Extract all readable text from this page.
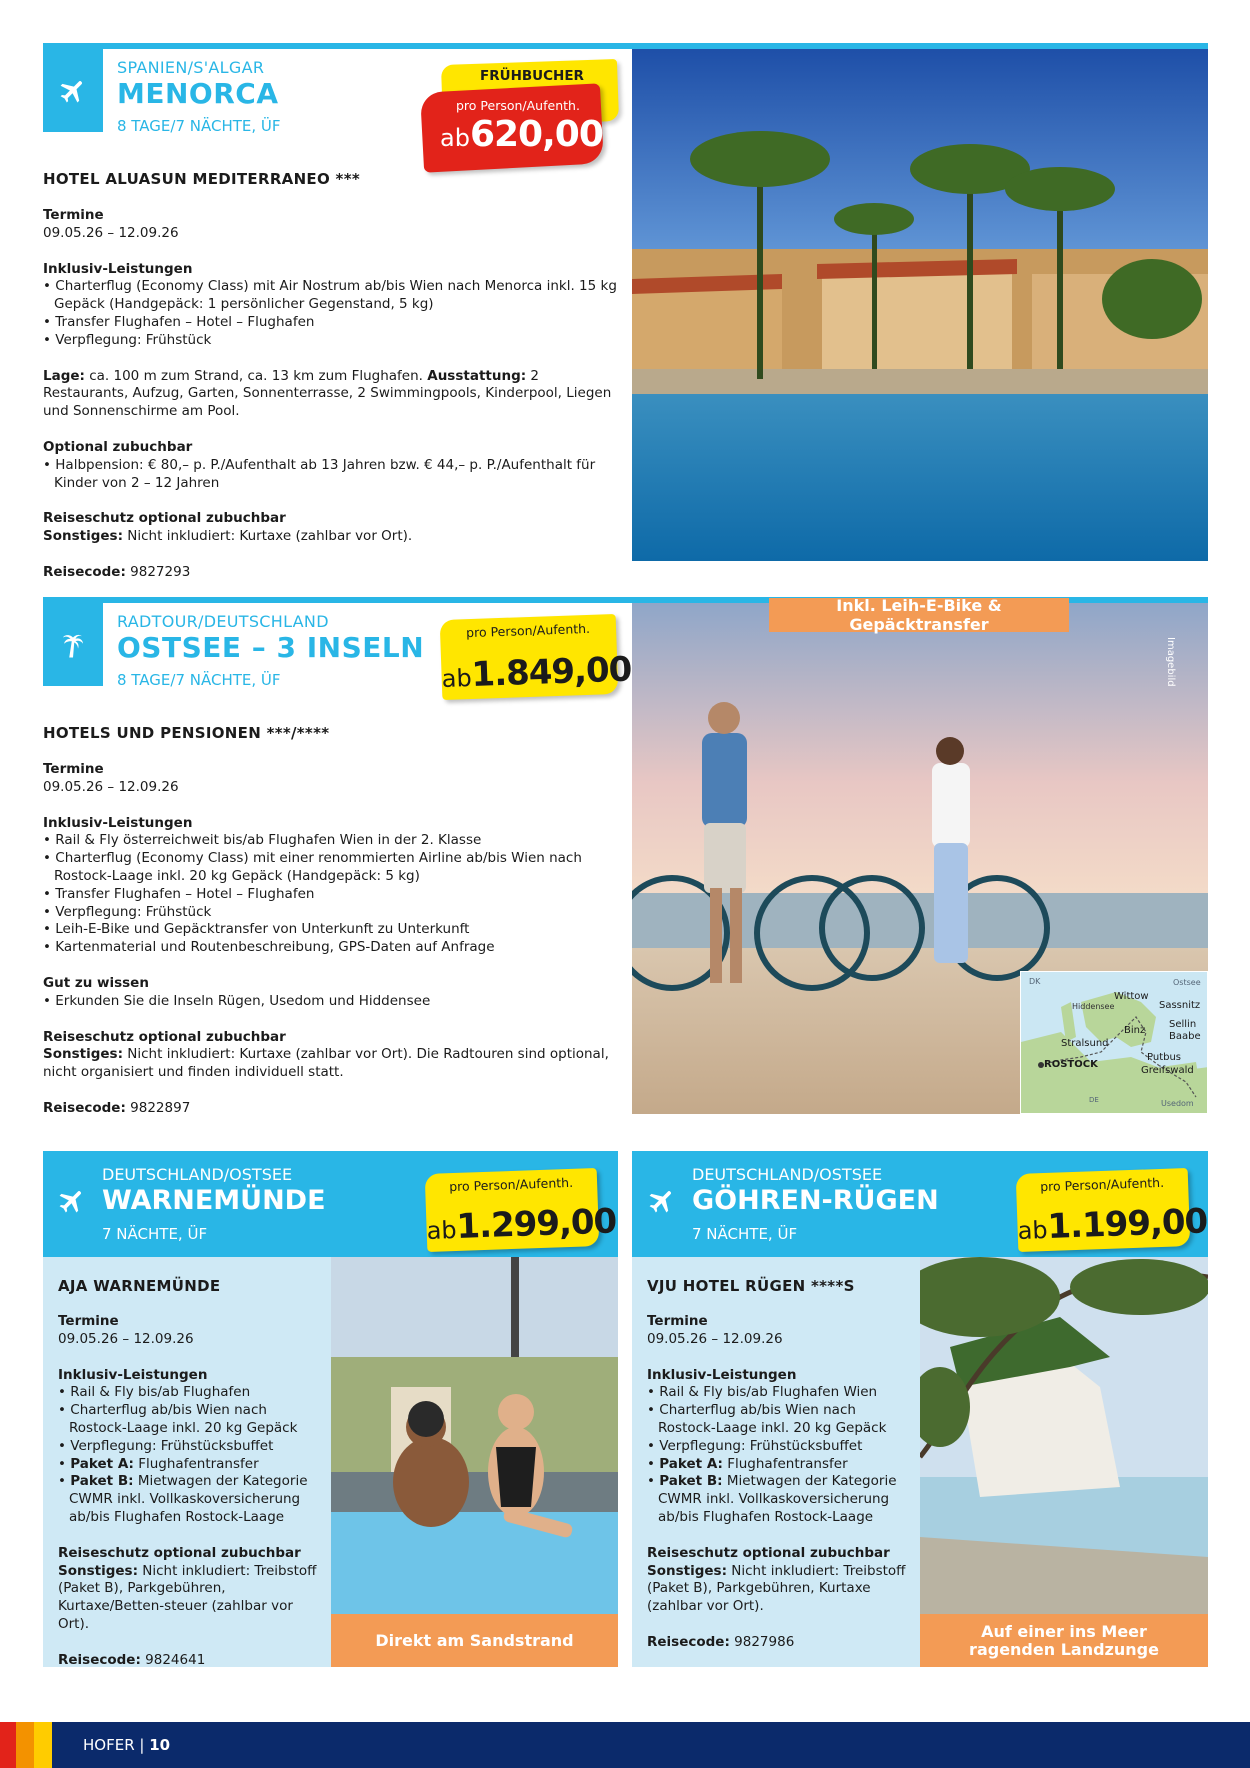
SPANIEN/S'ALGAR
MENORCA
8 TAGE/7 NÄCHTE, ÜF
FRÜHBUCHER
pro Person/Aufenth.
ab620,00
HOTEL ALUASUN MEDITERRANEO ***
Termine
09.05.26 – 12.09.26
Inklusiv-Leistungen
• Charterflug (Economy Class) mit Air Nostrum ab/bis Wien nach Menorca inkl. 15 kg Gepäck (Handgepäck: 1 persönlicher Gegenstand, 5 kg)
• Transfer Flughafen – Hotel – Flughafen
• Verpflegung: Frühstück
Lage: ca. 100 m zum Strand, ca. 13 km zum Flughafen. Ausstattung: 2 Restaurants, Aufzug, Garten, Sonnenterrasse, 2 Swimmingpools, Kinderpool, Liegen und Sonnenschirme am Pool.
Optional zubuchbar
• Halbpension: € 80,– p. P./Aufenthalt ab 13 Jahren bzw. € 44,– p. P./Aufenthalt für Kinder von 2 – 12 Jahren
Reiseschutz optional zubuchbar
Sonstiges: Nicht inkludiert: Kurtaxe (zahlbar vor Ort).
Reisecode: 9827293
RADTOUR/DEUTSCHLAND
OSTSEE – 3 INSELN
8 TAGE/7 NÄCHTE, ÜF
pro Person/Aufenth.
ab1.849,00
HOTELS UND PENSIONEN ***/****
Termine
09.05.26 – 12.09.26
Inklusiv-Leistungen
• Rail & Fly österreichweit bis/ab Flughafen Wien in der 2. Klasse
• Charterflug (Economy Class) mit einer renommierten Airline ab/bis Wien nach Rostock-Laage inkl. 20 kg Gepäck (Handgepäck: 5 kg)
• Transfer Flughafen – Hotel – Flughafen
• Verpflegung: Frühstück
• Leih-E-Bike und Gepäcktransfer von Unterkunft zu Unterkunft
• Kartenmaterial und Routenbeschreibung, GPS-Daten auf Anfrage
Gut zu wissen
• Erkunden Sie die Inseln Rügen, Usedom und Hiddensee
Reiseschutz optional zubuchbar
Sonstiges: Nicht inkludiert: Kurtaxe (zahlbar vor Ort). Die Radtouren sind optional, nicht organisiert und finden individuell statt.
Reisecode: 9822897
Inkl. Leih-E-Bike & Gepäcktransfer
Imagebild
Ostsee
DK
Hiddensee
Wittow
Sassnitz
Sellin
Binz
Baabe
Stralsund
Putbus
ROSTOCK
Greifswald
DE	Usedom
DEUTSCHLAND/OSTSEE
WARNEMÜNDE
7 NÄCHTE, ÜF
pro Person/Aufenth.
ab1.299,00
AJA WARNEMÜNDE
Termine
09.05.26 – 12.09.26
Inklusiv-Leistungen
• Rail & Fly bis/ab Flughafen
• Charterflug ab/bis Wien nach Rostock-Laage inkl. 20 kg Gepäck
• Verpflegung: Frühstücksbuffet
• Paket A: Flughafentransfer
• Paket B: Mietwagen der Kategorie CWMR inkl. Vollkaskoversicherung ab/bis Flughafen Rostock-Laage
Reiseschutz optional zubuchbar
Sonstiges: Nicht inkludiert: Treibstoff (Paket B), Parkgebühren, Kurtaxe/Betten-steuer (zahlbar vor Ort).
Reisecode: 9824641
Direkt am Sandstrand
DEUTSCHLAND/OSTSEE
GÖHREN-RÜGEN
7 NÄCHTE, ÜF
pro Person/Aufenth.
ab1.199,00
VJU HOTEL RÜGEN ****S
Termine
09.05.26 – 12.09.26
Inklusiv-Leistungen
• Rail & Fly bis/ab Flughafen Wien
• Charterflug ab/bis Wien nach Rostock-Laage inkl. 20 kg Gepäck
• Verpflegung: Frühstücksbuffet
• Paket A: Flughafentransfer
• Paket B: Mietwagen der Kategorie CWMR inkl. Vollkaskoversicherung ab/bis Flughafen Rostock-Laage
Reiseschutz optional zubuchbar
Sonstiges: Nicht inkludiert: Treibstoff (Paket B), Parkgebühren, Kurtaxe (zahlbar vor Ort).
Reisecode: 9827986
Auf einer ins Meer ragenden Landzunge
HOFER | 10
